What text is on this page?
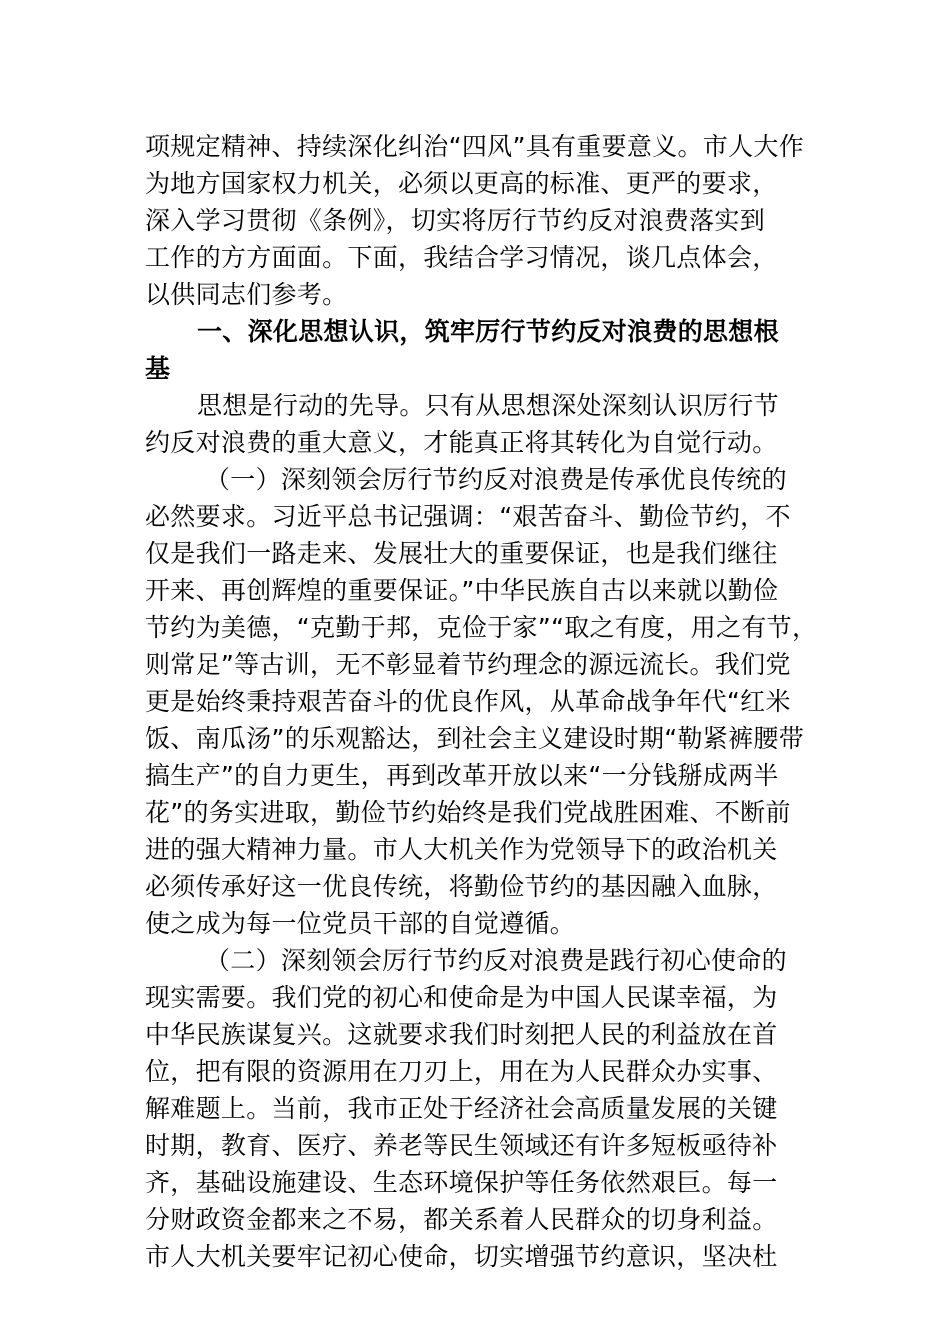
项规定精神、持续深化纠治“四风”具有重要意义。市人大作
为地方国家权力机关，必须以更高的标准、更严的要求，
深入学习贯彻《条例》，切实将厉行节约反对浪费落实到
工作的方方面面。下面，我结合学习情况，谈几点体会，
以供同志们参考。
一、深化思想认识，筑牢厉行节约反对浪费的思想根
基
思想是行动的先导。只有从思想深处深刻认识厉行节
约反对浪费的重大意义，才能真正将其转化为自觉行动。
（一）深刻领会厉行节约反对浪费是传承优良传统的
必然要求。习近平总书记强调：“艰苦奋斗、勤俭节约，不
仅是我们一路走来、发展壮大的重要保证，也是我们继往
开来、再创辉煌的重要保证。”中华民族自古以来就以勤俭
节约为美德，“克勤于邦，克俭于家”“取之有度，用之有节，
则常足”等古训，无不彰显着节约理念的源远流长。我们党
更是始终秉持艰苦奋斗的优良作风，从革命战争年代“红米
饭、南瓜汤”的乐观豁达，到社会主义建设时期“勒紧裤腰带
搞生产”的自力更生，再到改革开放以来“一分钱掰成两半
花”的务实进取，勤俭节约始终是我们党战胜困难、不断前
进的强大精神力量。市人大机关作为党领导下的政治机关
必须传承好这一优良传统，将勤俭节约的基因融入血脉，
使之成为每一位党员干部的自觉遵循。
（二）深刻领会厉行节约反对浪费是践行初心使命的
现实需要。我们党的初心和使命是为中国人民谋幸福，为
中华民族谋复兴。这就要求我们时刻把人民的利益放在首
位，把有限的资源用在刀刃上，用在为人民群众办实事、
解难题上。当前，我市正处于经济社会高质量发展的关键
时期，教育、医疗、养老等民生领域还有许多短板亟待补
齐，基础设施建设、生态环境保护等任务依然艰巨。每一
分财政资金都来之不易，都关系着人民群众的切身利益。
市人大机关要牢记初心使命，切实增强节约意识，坚决杜
